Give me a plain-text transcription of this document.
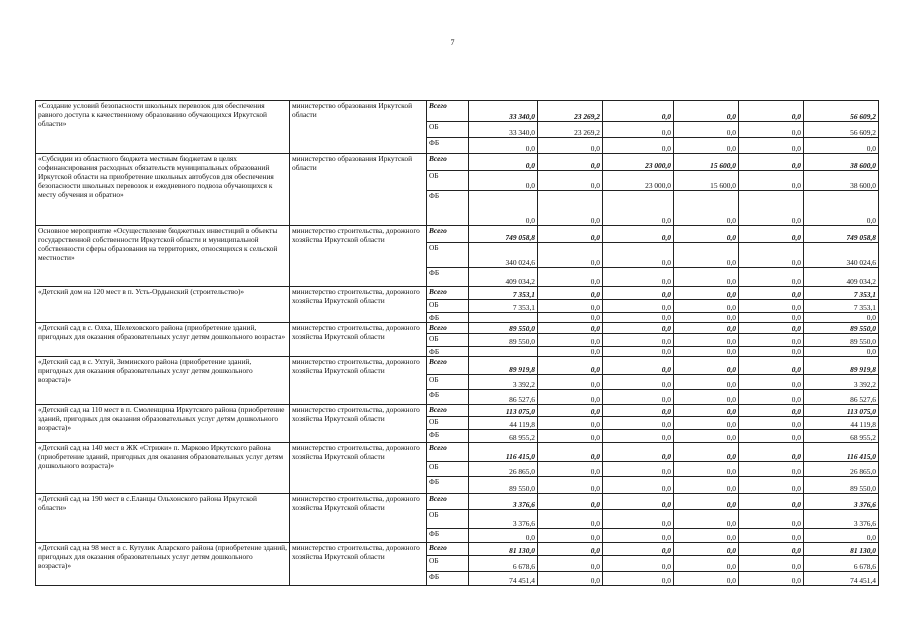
7
«Создание условий безопасности школьных перевозок для обеспечения равного доступа к качественному образованию обучающихся Иркутской области»	министерство образования Иркутской области	Всего	33 340,0	23 269,2	0,0	0,0	0,0	56 609,2
		ОБ	33 340,0	23 269,2	0,0	0,0	0,0	56 609,2
		ФБ	0,0	0,0	0,0	0,0	0,0	0,0
«Субсидии из областного бюджета местным бюджетам в целях софинансирования расходных обязательств муниципальных образований Иркутской области на приобретение школьных автобусов для обеспечения безопасности школьных перевозок и ежедневного подвоза обучающихся к месту обучения и обратно»	министерство образования Иркутской области	Всего	0,0	0,0	23 000,0	15 600,0	0,0	38 600,0
		ОБ	0,0	0,0	23 000,0	15 600,0	0,0	38 600,0
		ФБ	0,0	0,0	0,0	0,0	0,0	0,0
Основное мероприятие «Осуществление бюджетных инвестиций в объекты государственной собственности Иркутской области и муниципальной собственности сферы образования на территориях, относящихся к сельской местности»	министерство строительства, дорожного хозяйства Иркутской области	Всего	749 058,8	0,0	0,0	0,0	0,0	749 058,8
		ОБ	340 024,6	0,0	0,0	0,0	0,0	340 024,6
		ФБ	409 034,2	0,0	0,0	0,0	0,0	409 034,2
«Детский дом на 120 мест в п. Усть-Ордынский (строительство)»	министерство строительства, дорожного хозяйства Иркутской области	Всего	7 353,1	0,0	0,0	0,0	0,0	7 353,1
		ОБ	7 353,1	0,0	0,0	0,0	0,0	7 353,1
		ФБ		0,0	0,0	0,0	0,0	0,0
«Детский сад в с. Олха, Шелеховского района (приобретение зданий, пригодных для оказания образовательных услуг детям дошкольного возраста»	министерство строительства, дорожного хозяйства Иркутской области	Всего	89 550,0	0,0	0,0	0,0	0,0	89 550,0
		ОБ	89 550,0	0,0	0,0	0,0	0,0	89 550,0
		ФБ		0,0	0,0	0,0	0,0	0,0
«Детский сад в с. Ухтуй, Зиминского района (приобретение зданий, пригодных для оказания образовательных услуг детям дошкольного возраста)»	министерство строительства, дорожного хозяйства Иркутской области	Всего	89 919,8	0,0	0,0	0,0	0,0	89 919,8
		ОБ	3 392,2	0,0	0,0	0,0	0,0	3 392,2
		ФБ	86 527,6	0,0	0,0	0,0	0,0	86 527,6
«Детский сад на 110 мест в п. Смоленщина Иркутского района (приобретение зданий, пригодных для оказания образовательных услуг детям дошкольного возраста)»	министерство строительства, дорожного хозяйства Иркутской области	Всего	113 075,0	0,0	0,0	0,0	0,0	113 075,0
		ОБ	44 119,8	0,0	0,0	0,0	0,0	44 119,8
		ФБ	68 955,2	0,0	0,0	0,0	0,0	68 955,2
«Детский сад на 140 мест в ЖК «Стрижи» п. Марково Иркутского района (приобретение зданий, пригодных для оказания образовательных услуг детям дошкольного возраста)»	министерство строительства, дорожного хозяйства Иркутской области	Всего	116 415,0	0,0	0,0	0,0	0,0	116 415,0
		ОБ	26 865,0	0,0	0,0	0,0	0,0	26 865,0
		ФБ	89 550,0	0,0	0,0	0,0	0,0	89 550,0
«Детский сад на 190 мест в с.Еланцы Ольхонского района Иркутской области»	министерство строительства, дорожного хозяйства Иркутской области	Всего	3 376,6	0,0	0,0	0,0	0,0	3 376,6
		ОБ	3 376,6	0,0	0,0	0,0	0,0	3 376,6
		ФБ	0,0	0,0	0,0	0,0	0,0	0,0
«Детский сад на 98 мест в с. Кутулик Аларского района (приобретение зданий, пригодных для оказания образовательных услуг детям дошкольного возраста)»	министерство строительства, дорожного хозяйства Иркутской области	Всего	81 130,0	0,0	0,0	0,0	0,0	81 130,0
		ОБ	6 678,6	0,0	0,0	0,0	0,0	6 678,6
		ФБ	74 451,4	0,0	0,0	0,0	0,0	74 451,4
